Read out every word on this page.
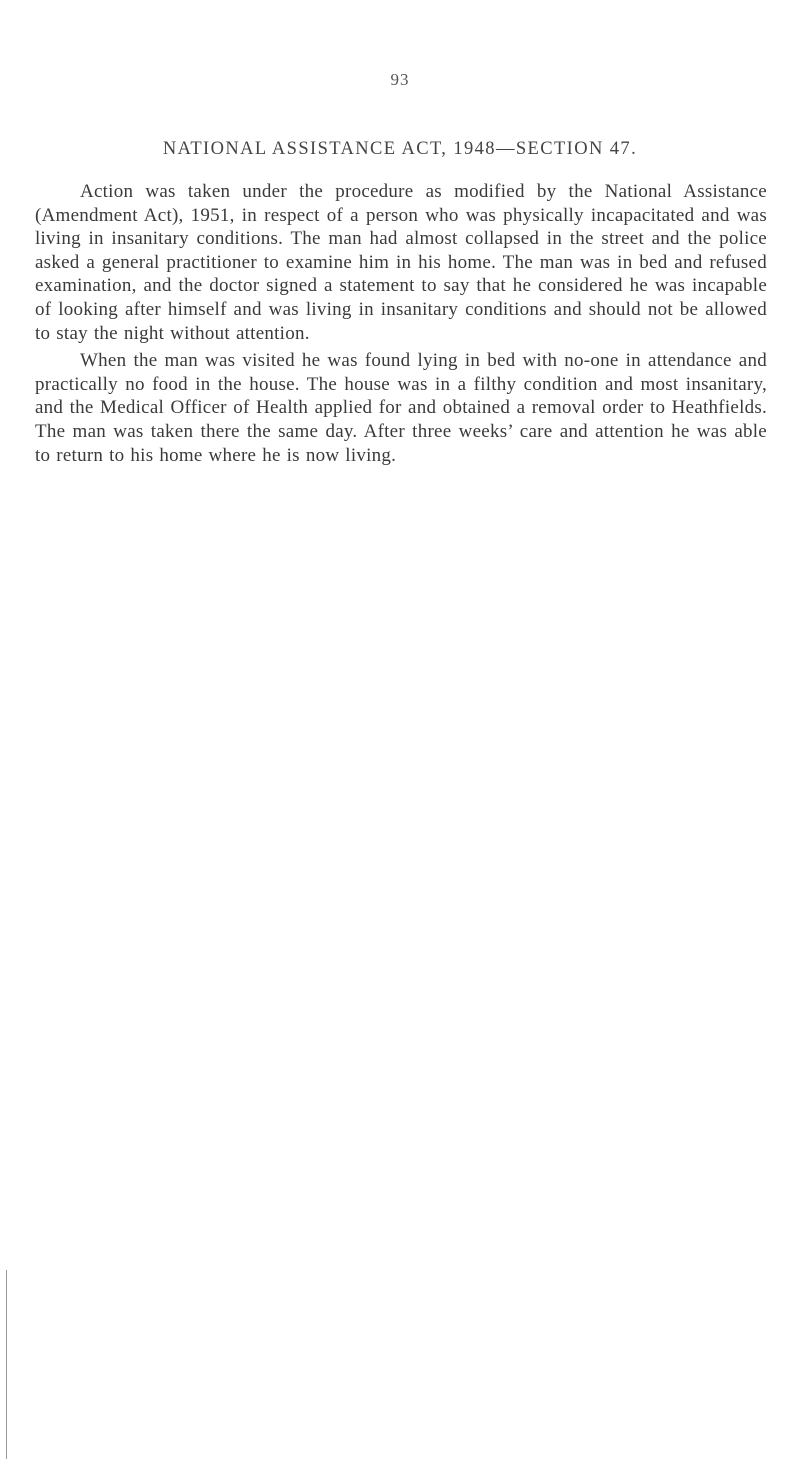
93
NATIONAL ASSISTANCE ACT, 1948—SECTION 47.

Action was taken under the procedure as modified by the National Assistance (Amendment Act), 1951, in respect of a person who was physically incapacitated and was living in insanitary conditions. The man had almost collapsed in the street and the police asked a general practitioner to examine him in his home. The man was in bed and refused examination, and the doctor signed a statement to say that he considered he was incapable of looking after himself and was living in insanitary conditions and should not be allowed to stay the night without attention.

When the man was visited he was found lying in bed with no-one in attendance and practically no food in the house. The house was in a filthy condition and most insanitary, and the Medical Officer of Health applied for and obtained a removal order to Heathfields. The man was taken there the same day. After three weeks’ care and attention he was able to return to his home where he is now living.
